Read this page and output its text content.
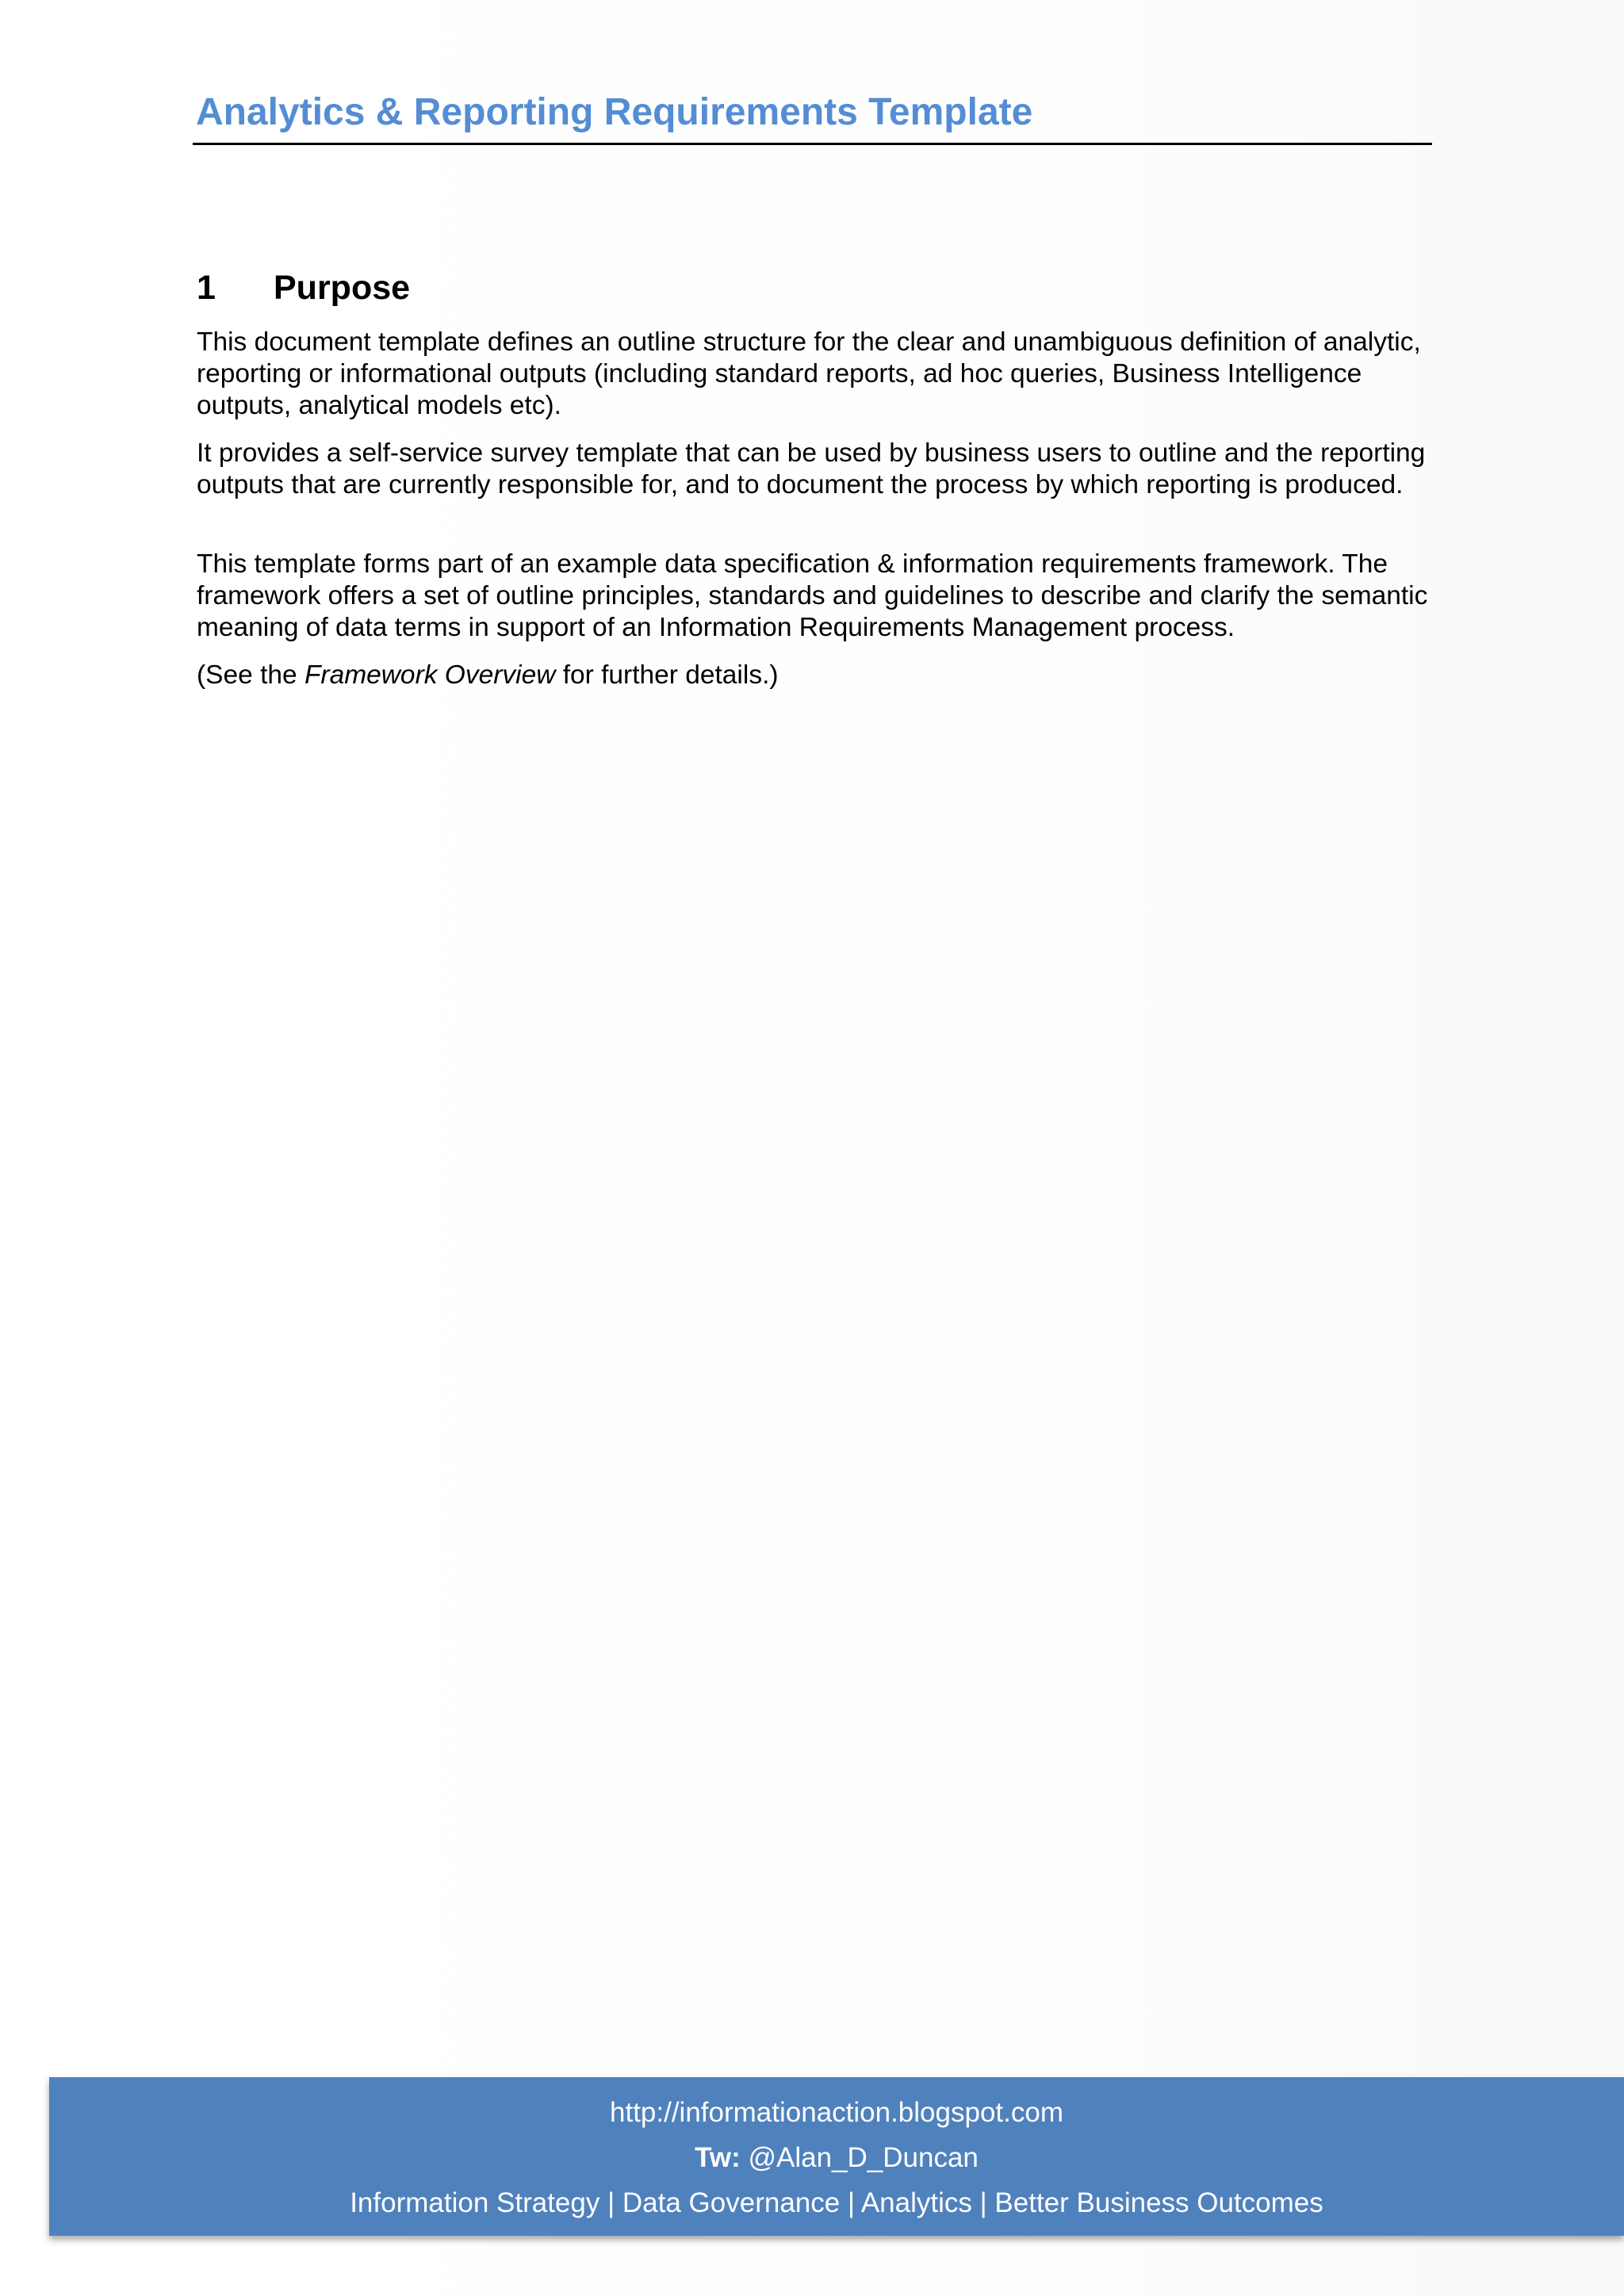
Analytics & Reporting Requirements Template
1 Purpose

This document template defines an outline structure for the clear and unambiguous definition of analytic, reporting or informational outputs (including standard reports, ad hoc queries, Business Intelligence outputs, analytical models etc).

It provides a self-service survey template that can be used by business users to outline and the reporting outputs that are currently responsible for, and to document the process by which reporting is produced.

This template forms part of an example data specification & information requirements framework. The framework offers a set of outline principles, standards and guidelines to describe and clarify the semantic meaning of data terms in support of an Information Requirements Management process.

(See the Framework Overview for further details.)

http://informationaction.blogspot.com
Tw: @Alan_D_Duncan
Information Strategy | Data Governance | Analytics | Better Business Outcomes
